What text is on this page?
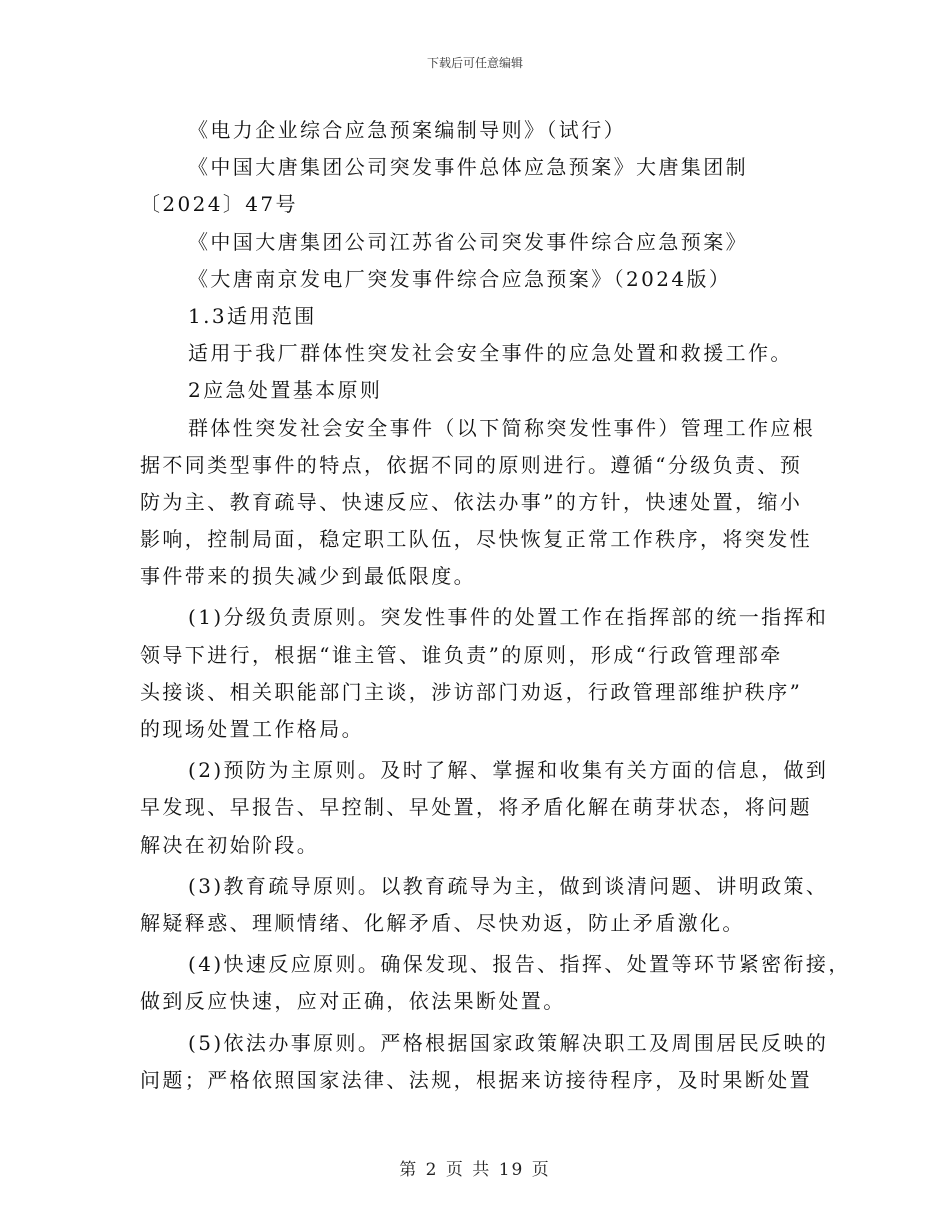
下载后可任意编辑
《电力企业综合应急预案编制导则》（试行）
《中国大唐集团公司突发事件总体应急预案》大唐集团制
〔2024〕47号
《中国大唐集团公司江苏省公司突发事件综合应急预案》
《大唐南京发电厂突发事件综合应急预案》（2024版）
1.3适用范围
适用于我厂群体性突发社会安全事件的应急处置和救援工作。
2应急处置基本原则
群体性突发社会安全事件（以下简称突发性事件）管理工作应根
据不同类型事件的特点，依据不同的原则进行。遵循“分级负责、预
防为主、教育疏导、快速反应、依法办事”的方针，快速处置，缩小
影响，控制局面，稳定职工队伍，尽快恢复正常工作秩序，将突发性
事件带来的损失减少到最低限度。
(1)分级负责原则。突发性事件的处置工作在指挥部的统一指挥和
领导下进行，根据“谁主管、谁负责”的原则，形成“行政管理部牵
头接谈、相关职能部门主谈，涉访部门劝返，行政管理部维护秩序”
的现场处置工作格局。
(2)预防为主原则。及时了解、掌握和收集有关方面的信息，做到
早发现、早报告、早控制、早处置，将矛盾化解在萌芽状态，将问题
解决在初始阶段。
(3)教育疏导原则。以教育疏导为主，做到谈清问题、讲明政策、
解疑释惑、理顺情绪、化解矛盾、尽快劝返，防止矛盾激化。
(4)快速反应原则。确保发现、报告、指挥、处置等环节紧密衔接，
做到反应快速，应对正确，依法果断处置。
(5)依法办事原则。严格根据国家政策解决职工及周围居民反映的
问题；严格依照国家法律、法规，根据来访接待程序，及时果断处置
第 2 页 共 19 页
